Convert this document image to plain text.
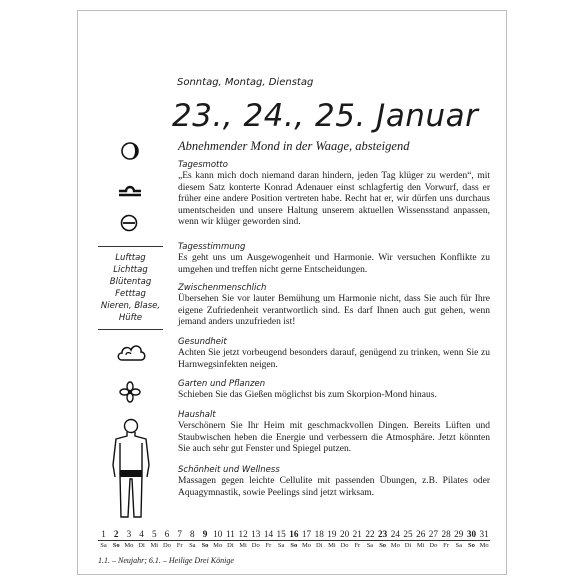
Sonntag, Montag, Dienstag
23., 24., 25. Januar
Abnehmender Mond in der Waage, absteigend
Lufttag
Lichttag
Blütentag
Fetttag
Nieren, Blase,
Hüfte
Tagesmotto
„Es kann mich doch niemand daran hindern, jeden Tag klüger zu werden“, mit diesem Satz konterte Konrad Adenauer einst schlagfertig den Vorwurf, dass er früher eine andere Position vertreten habe. Recht hat er, wir dürfen uns durchaus umentscheiden und unsere Haltung unserem aktuellen Wissensstand anpassen, wenn wir klüger geworden sind.
Tagesstimmung
Es geht uns um Ausgewogenheit und Harmonie. Wir versuchen Konflikte zu umgehen und treffen nicht gerne Entscheidungen.
Zwischenmenschlich
Übersehen Sie vor lauter Bemühung um Harmonie nicht, dass Sie auch für Ihre eigene Zufriedenheit verantwortlich sind. Es darf Ihnen auch gut gehen, wenn jemand anders unzufrieden ist!
Gesundheit
Achten Sie jetzt vorbeugend besonders darauf, genügend zu trinken, wenn Sie zu Harnwegsinfekten neigen.
Garten und Pflanzen
Schieben Sie das Gießen möglichst bis zum Skorpion-Mond hinaus.
Haushalt
Verschönern Sie Ihr Heim mit geschmackvollen Dingen. Bereits Lüften und Staubwischen heben die Energie und verbessern die Atmosphäre. Jetzt könnten Sie auch sehr gut Fenster und Spiegel putzen.
Schönheit und Wellness
Massagen gegen leichte Cellulite mit passenden Übungen, z.B. Pilates oder Aquagymnastik, sowie Peelings sind jetzt wirksam.
1 2 3 4 5 6 7 8 9 10 11 12 13 14 15 16 17 18 19 20 21 22 23 24 25 26 27 28 29 30 31
Sa So Mo Di Mi Do Fr	Sa So Mo Di Mi Do Fr	Sa So Mo Di Mi Do Fr	Sa So Mo Di Mi Do Fr	Sa So Mo
1.1. – Neujahr; 6.1. – Heilige Drei Könige
